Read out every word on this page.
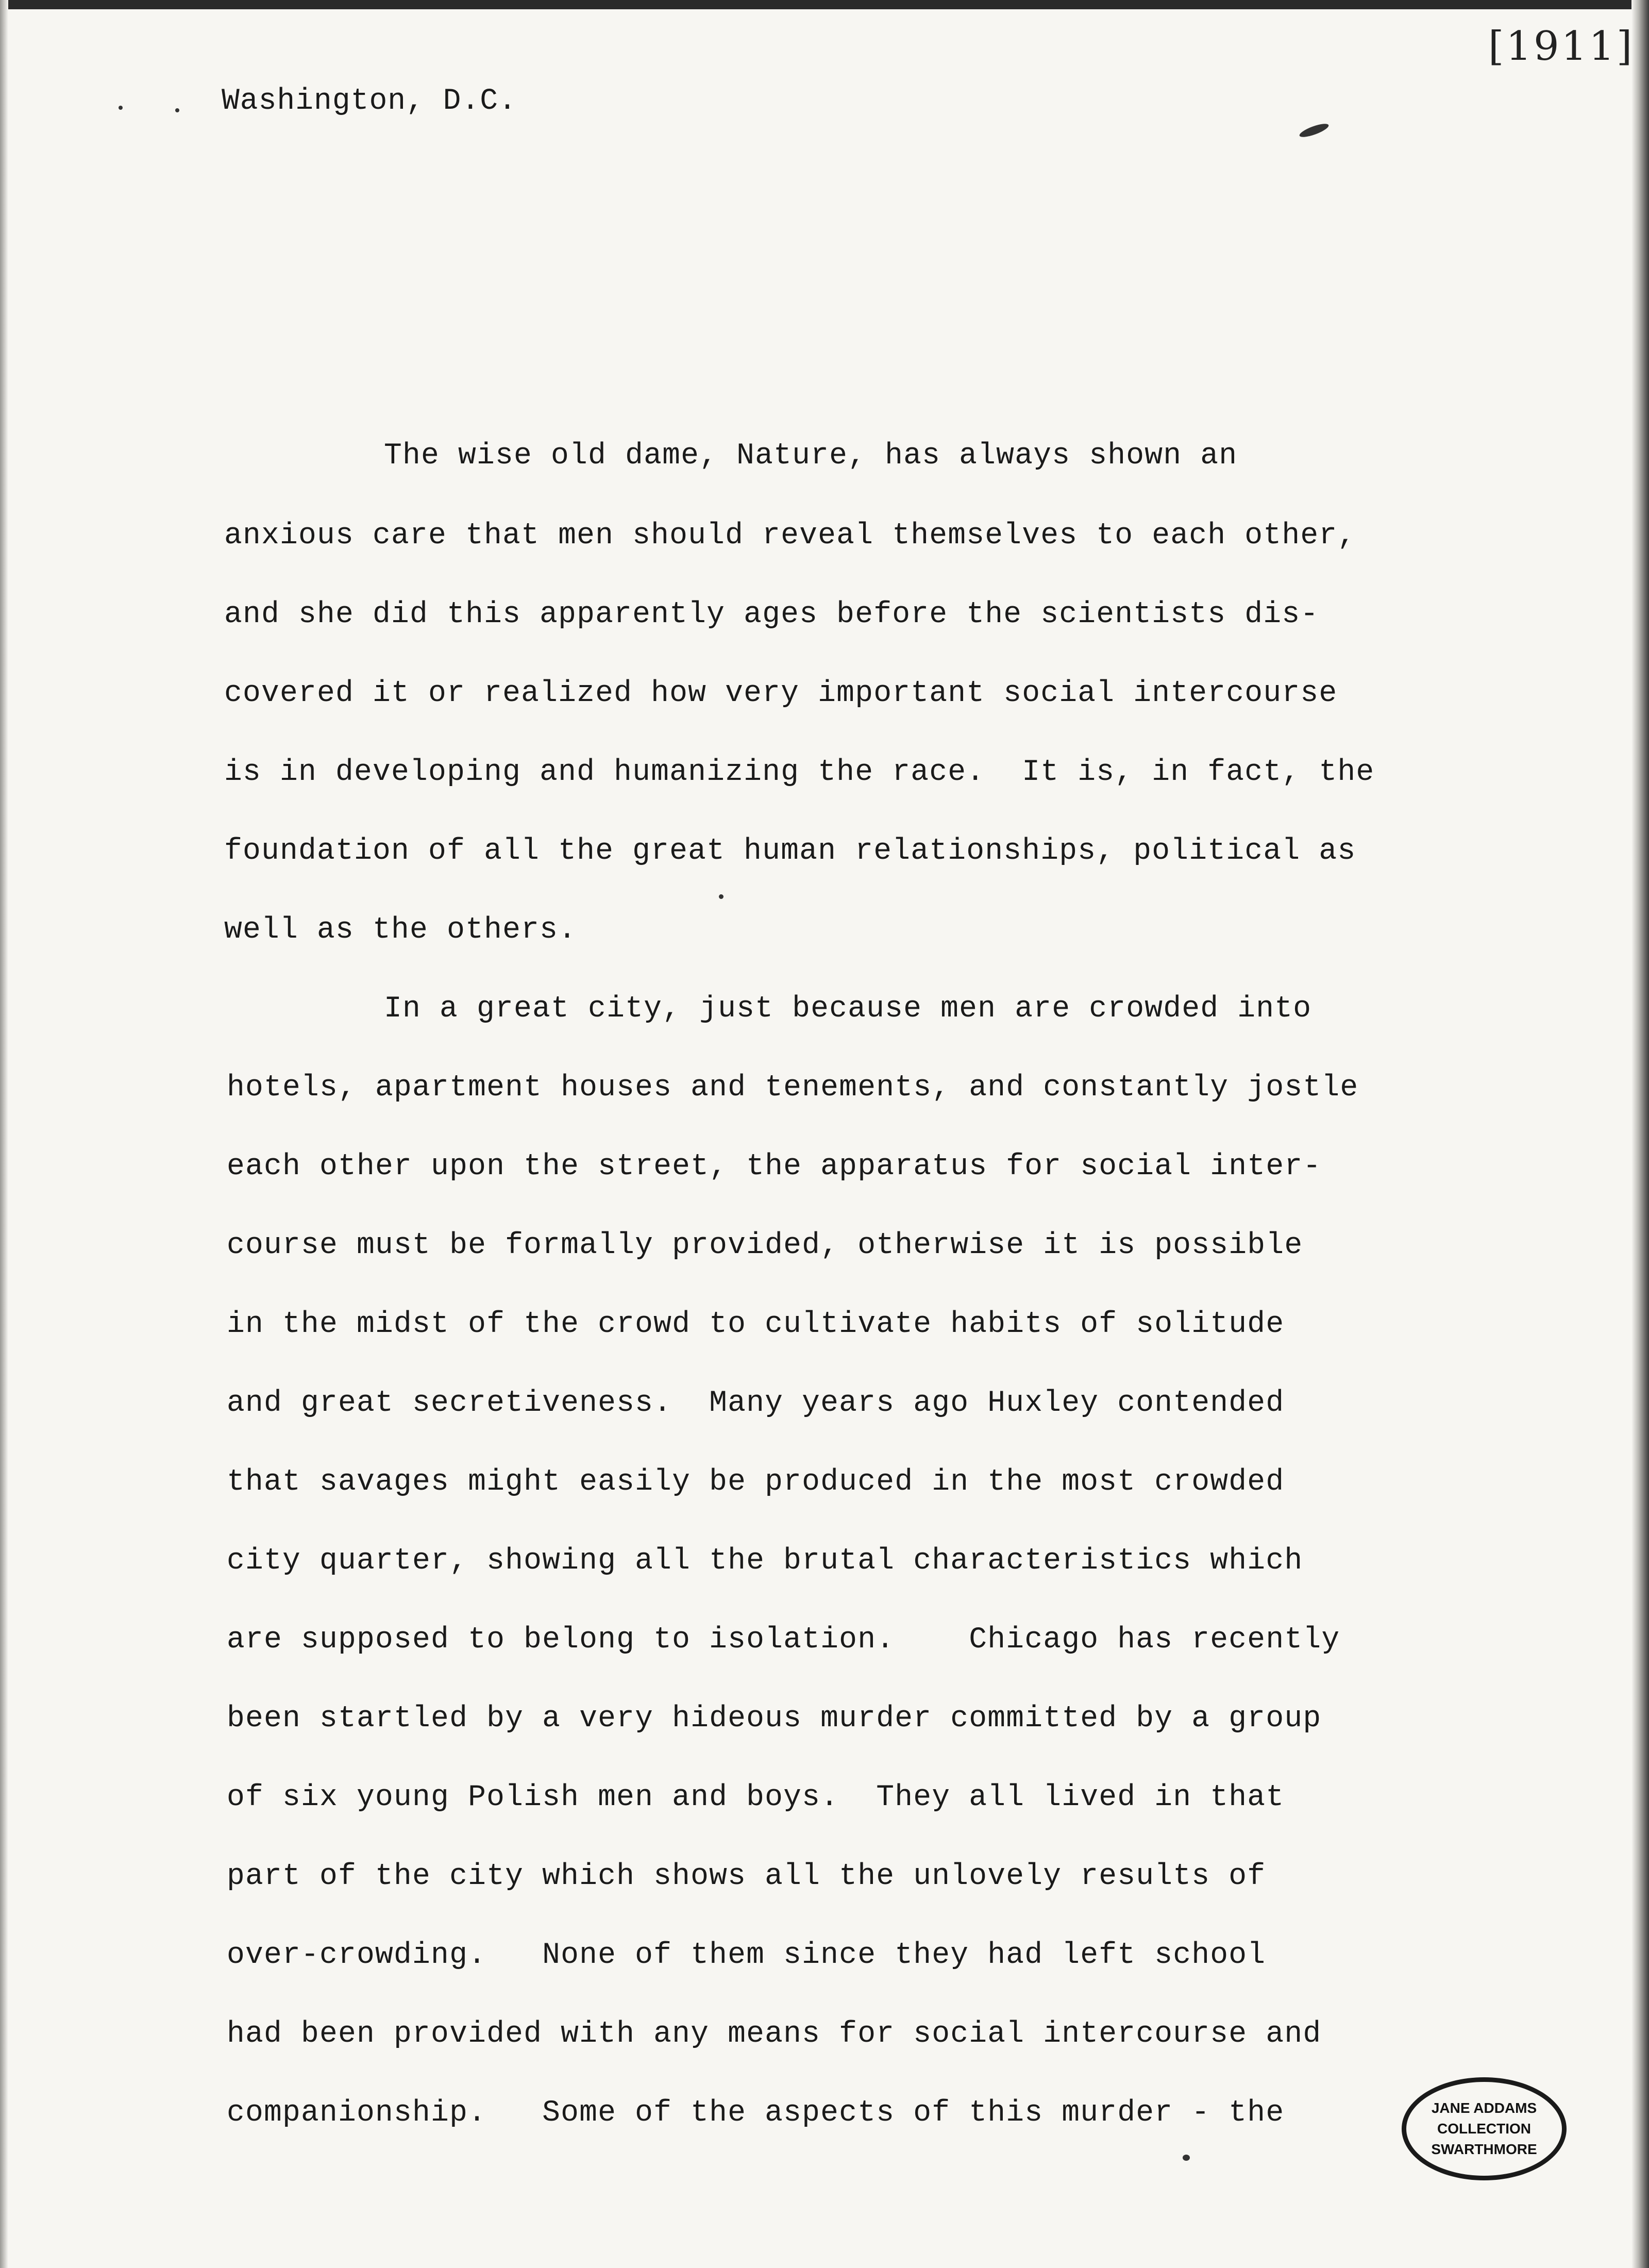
[1911]
Washington, D.C.
The wise old dame, Nature, has always shown an
anxious care that men should reveal themselves to each other,
and she did this apparently ages before the scientists dis-
covered it or realized how very important social intercourse
is in developing and humanizing the race.  It is, in fact, the
foundation of all the great human relationships, political as
well as the others.
In a great city, just because men are crowded into
hotels, apartment houses and tenements, and constantly jostle
each other upon the street, the apparatus for social inter-
course must be formally provided, otherwise it is possible
in the midst of the crowd to cultivate habits of solitude
and great secretiveness.  Many years ago Huxley contended
that savages might easily be produced in the most crowded
city quarter, showing all the brutal characteristics which
are supposed to belong to isolation.    Chicago has recently
been startled by a very hideous murder committed by a group
of six young Polish men and boys.  They all lived in that
part of the city which shows all the unlovely results of
over-crowding.   None of them since they had left school
had been provided with any means for social intercourse and
companionship.   Some of the aspects of this murder - the	JANE ADDAMS
COLLECTION
SWARTHMORE
